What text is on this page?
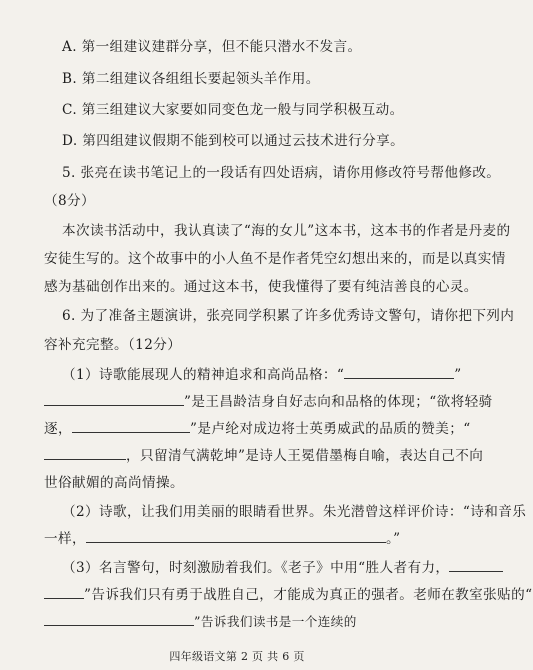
A. 第一组建议建群分享，但不能只潜水不发言。
B. 第二组建议各组组长要起领头羊作用。
C. 第三组建议大家要如同变色龙一般与同学积极互动。
D. 第四组建议假期不能到校可以通过云技术进行分享。
5. 张亮在读书笔记上的一段话有四处语病，请你用修改符号帮他修改。
（8分）
本次读书活动中，我认真读了“海的女儿”这本书，这本书的作者是丹麦的
安徒生写的。这个故事中的小人鱼不是作者凭空幻想出来的，而是以真实情
感为基础创作出来的。通过这本书，使我懂得了要有纯洁善良的心灵。
6. 为了准备主题演讲，张亮同学积累了许多优秀诗文警句，请你把下列内
容补充完整。（12分）
（1）诗歌能展现人的精神追求和高尚品格：“	”
”是王昌龄洁身自好志向和品格的体现；“欲将轻骑
逐，	”是卢纶对成边将士英勇威武的品质的赞美；“
，只留清气满乾坤”是诗人王冕借墨梅自喻，表达自己不向
世俗献媚的高尚情操。
（2）诗歌，让我们用美丽的眼睛看世界。朱光潜曾这样评价诗：“诗和音乐
一样，	。”
（3）名言警句，时刻激励着我们。《老子》中用“胜人者有力，
”告诉我们只有勇于战胜自己，才能成为真正的强者。老师在教室张贴的“
”告诉我们读书是一个连续的
四年级语文第 2 页 共 6 页
